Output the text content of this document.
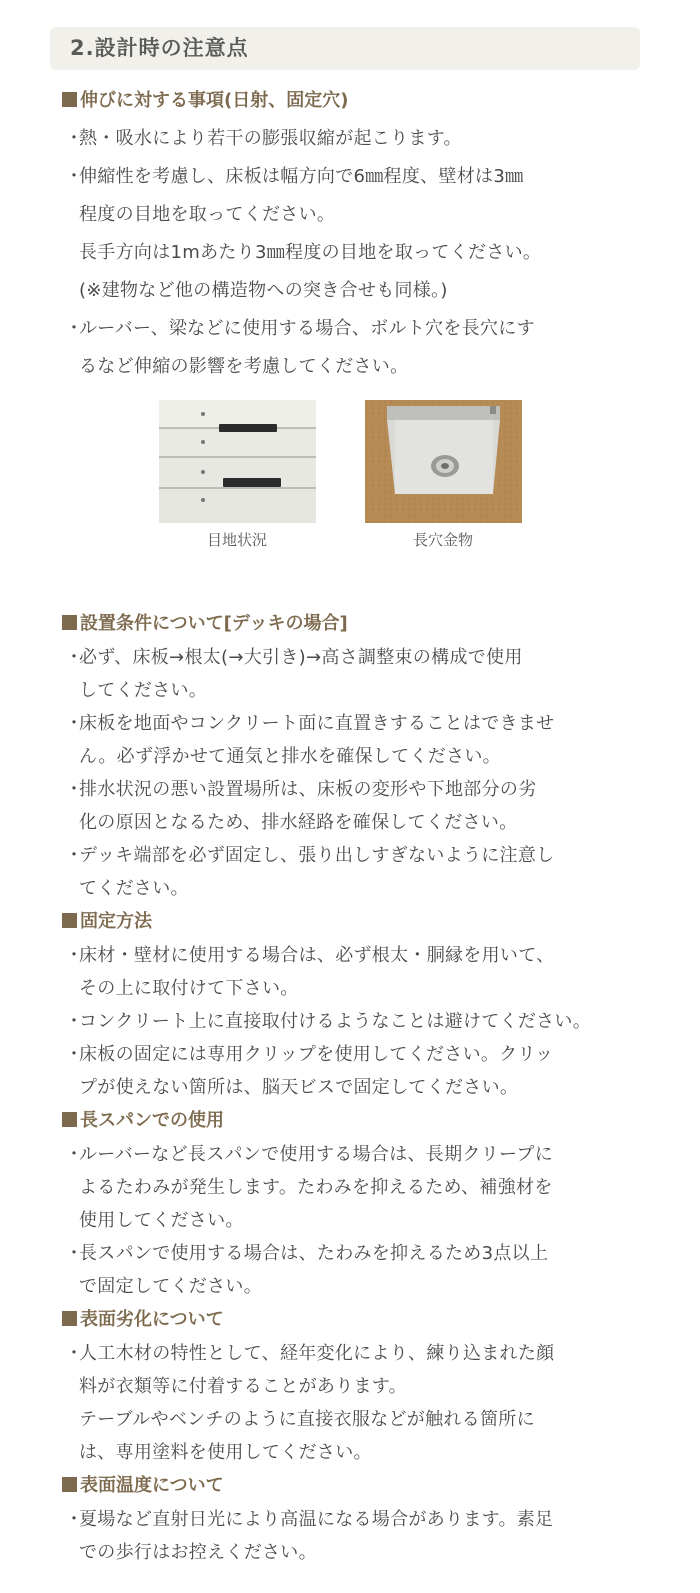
2.設計時の注意点
伸びに対する事項(日射、固定穴)
・
熱・吸水により若干の膨張収縮が起こります。
・
伸縮性を考慮し、床板は幅方向で6㎜程度、壁材は3㎜
程度の目地を取ってください。
長手方向は1mあたり3㎜程度の目地を取ってください。
(※建物など他の構造物への突き合せも同様。)
・
ルーバー、梁などに使用する場合、ボルト穴を長穴にす
るなど伸縮の影響を考慮してください。
目地状況	長穴金物
設置条件について[デッキの場合]
・
必ず、床板→根太(→大引き)→高さ調整束の構成で使用
してください。
・
床板を地面やコンクリート面に直置きすることはできませ
ん。必ず浮かせて通気と排水を確保してください。
・
排水状況の悪い設置場所は、床板の変形や下地部分の劣
化の原因となるため、排水経路を確保してください。
・
デッキ端部を必ず固定し、張り出しすぎないように注意し
てください。
固定方法
・
床材・壁材に使用する場合は、必ず根太・胴縁を用いて、
その上に取付けて下さい。
・
コンクリート上に直接取付けるようなことは避けてください。
・
床板の固定には専用クリップを使用してください。クリッ
プが使えない箇所は、脳天ビスで固定してください。
長スパンでの使用
・
ルーバーなど長スパンで使用する場合は、長期クリープに
よるたわみが発生します。たわみを抑えるため、補強材を
使用してください。
・
長スパンで使用する場合は、たわみを抑えるため3点以上
で固定してください。
表面劣化について
・
人工木材の特性として、経年変化により、練り込まれた顔
料が衣類等に付着することがあります。
テーブルやベンチのように直接衣服などが触れる箇所に
は、専用塗料を使用してください。
表面温度について
・
夏場など直射日光により高温になる場合があります。素足
での歩行はお控えください。
